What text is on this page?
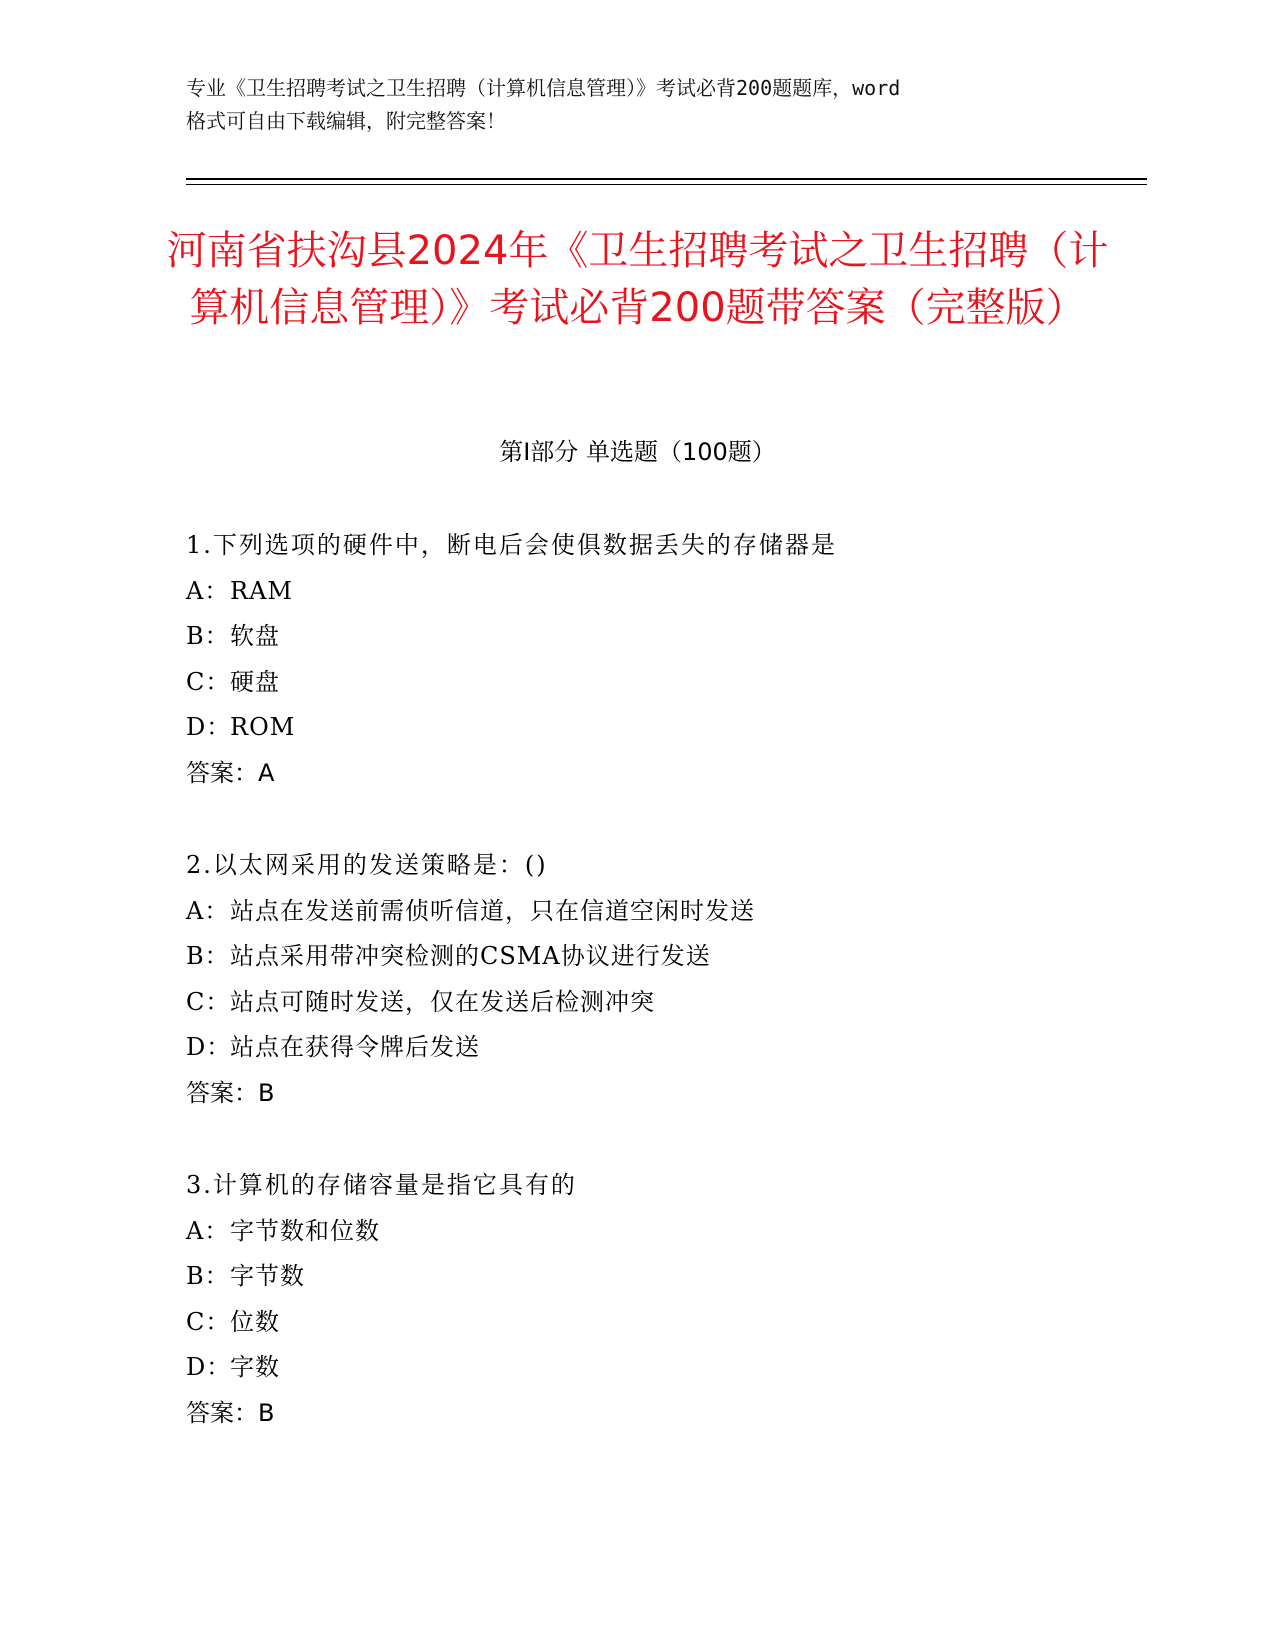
专业《卫生招聘考试之卫生招聘（计算机信息管理）》考试必背200题题库，word
格式可自由下载编辑，附完整答案！
河南省扶沟县2024年《卫生招聘考试之卫生招聘（计算机信息管理）》考试必背200题带答案（完整版）
第Ⅰ部分 单选题（100题）
1.下列选项的硬件中，断电后会使俱数据丢失的存储器是
A：RAM
B：软盘
C：硬盘
D：ROM
答案：A
2.以太网采用的发送策略是：()
A：站点在发送前需侦听信道，只在信道空闲时发送
B：站点采用带冲突检测的CSMA协议进行发送
C：站点可随时发送，仅在发送后检测冲突
D：站点在获得令牌后发送
答案：B
3.计算机的存储容量是指它具有的
A：字节数和位数
B：字节数
C：位数
D：字数
答案：B
